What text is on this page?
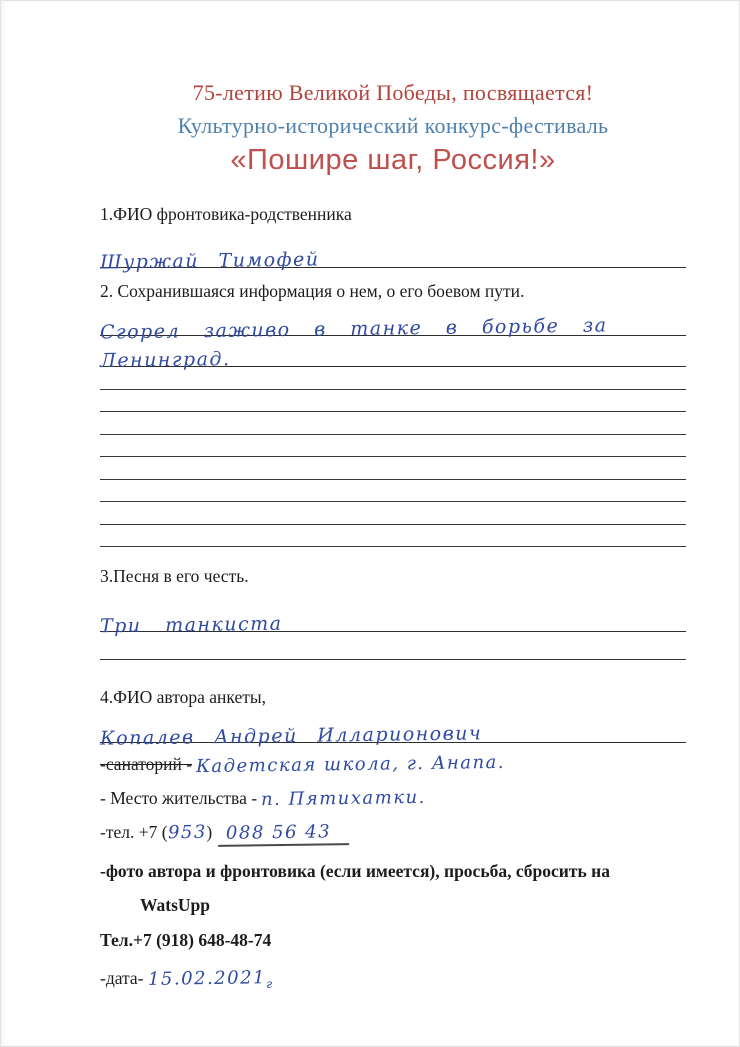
75-летию Великой Победы, посвящается!
Культурно-исторический конкурс-фестиваль
«Пошире шаг, Россия!»
1.ФИО фронтовика-родственника
Шуржай Тимофей
2. Сохранившаяся информация о нем, о его боевом пути.
Сгорел заживо в танке в борьбе за
Ленинград.
3.Песня в его честь.
Три танкиста
4.ФИО автора анкеты,
Копалев Андрей Илларионович
-санаторий - Кадетская школа, г. Анапа.
- Место жительства - п. Пятихатки.
-тел. +7 (953) 088 56 43
-фото автора и фронтовика (если имеется), просьба, сбросить на
WatsUpp
Тел.+7 (918) 648-48-74
-дата- $15.02.2021_г$
